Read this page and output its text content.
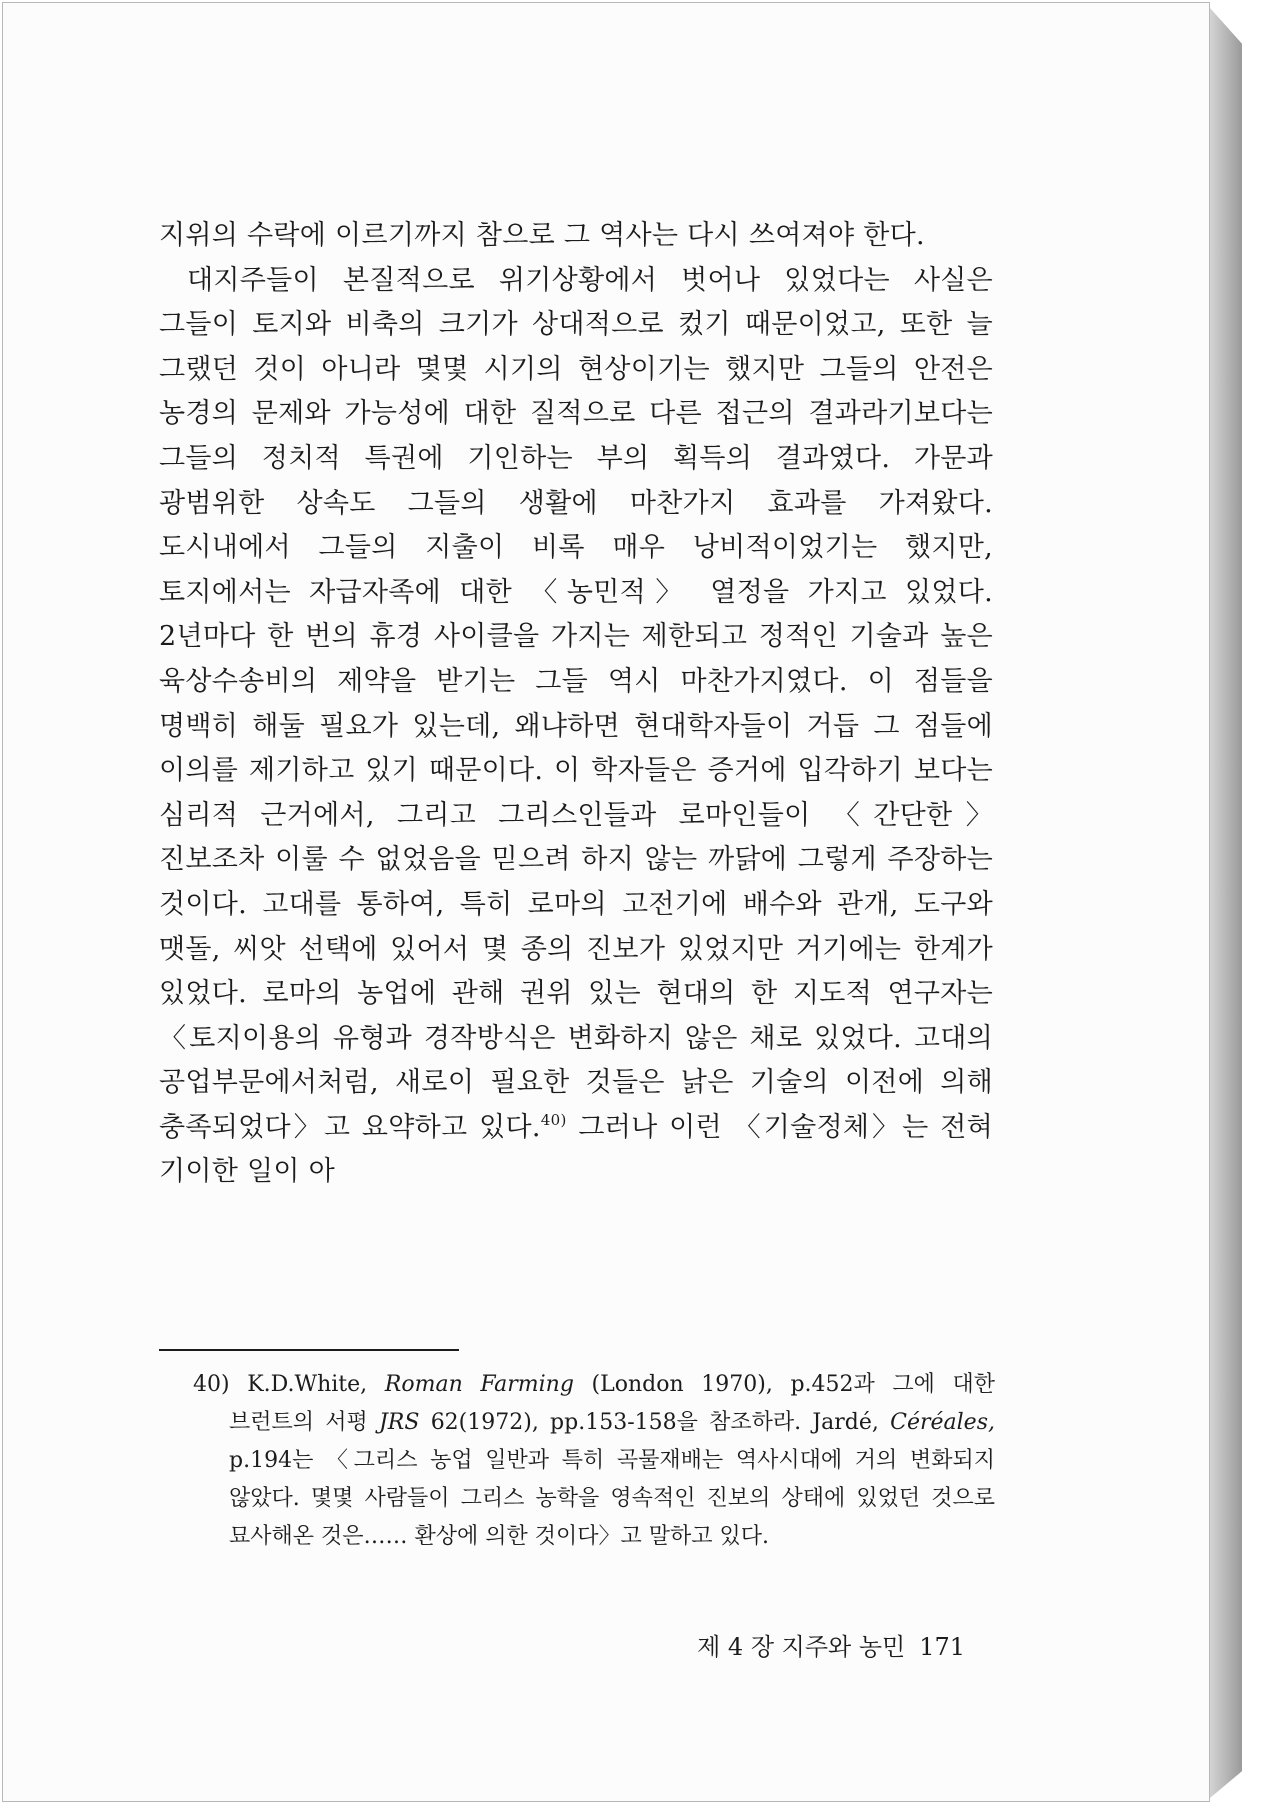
지위의 수락에 이르기까지 참으로 그 역사는 다시 쓰여져야 한다.

대지주들이 본질적으로 위기상황에서 벗어나 있었다는 사실은 그들이 토지와 비축의 크기가 상대적으로 컸기 때문이었고, 또한 늘 그랬던 것이 아니라 몇몇 시기의 현상이기는 했지만 그들의 안전은 농경의 문제와 가능성에 대한 질적으로 다른 접근의 결과라기보다는 그들의 정치적 특권에 기인하는 부의 획득의 결과였다. 가문과 광범위한 상속도 그들의 생활에 마찬가지 효과를 가져왔다. 도시내에서 그들의 지출이 비록 매우 낭비적이었기는 했지만, 토지에서는 자급자족에 대한 〈농민적〉 열정을 가지고 있었다. 2년마다 한 번의 휴경 사이클을 가지는 제한되고 정적인 기술과 높은 육상수송비의 제약을 받기는 그들 역시 마찬가지였다. 이 점들을 명백히 해둘 필요가 있는데, 왜냐하면 현대학자들이 거듭 그 점들에 이의를 제기하고 있기 때문이다. 이 학자들은 증거에 입각하기 보다는 심리적 근거에서, 그리고 그리스인들과 로마인들이 〈간단한〉 진보조차 이룰 수 없었음을 믿으려 하지 않는 까닭에 그렇게 주장하는 것이다. 고대를 통하여, 특히 로마의 고전기에 배수와 관개, 도구와 맷돌, 씨앗 선택에 있어서 몇 종의 진보가 있었지만 거기에는 한계가 있었다. 로마의 농업에 관해 권위 있는 현대의 한 지도적 연구자는 〈토지이용의 유형과 경작방식은 변화하지 않은 채로 있었다. 고대의 공업부문에서처럼, 새로이 필요한 것들은 낡은 기술의 이전에 의해 충족되었다〉고 요약하고 있다.$^{40)}$ 그러나 이런 〈기술정체〉는 전혀 기이한 일이 아

40) K.D.White, Roman Farming (London 1970), p.452과 그에 대한 브런트의 서평 JRS 62(1972), pp.153-158을 참조하라. Jardé, Céréales, p.194는 〈그리스 농업 일반과 특히 곡물재배는 역사시대에 거의 변화되지 않았다. 몇몇 사람들이 그리스 농학을 영속적인 진보의 상태에 있었던 것으로 묘사해온 것은…… 환상에 의한 것이다〉고 말하고 있다.

제 4 장 지주와 농민 171
